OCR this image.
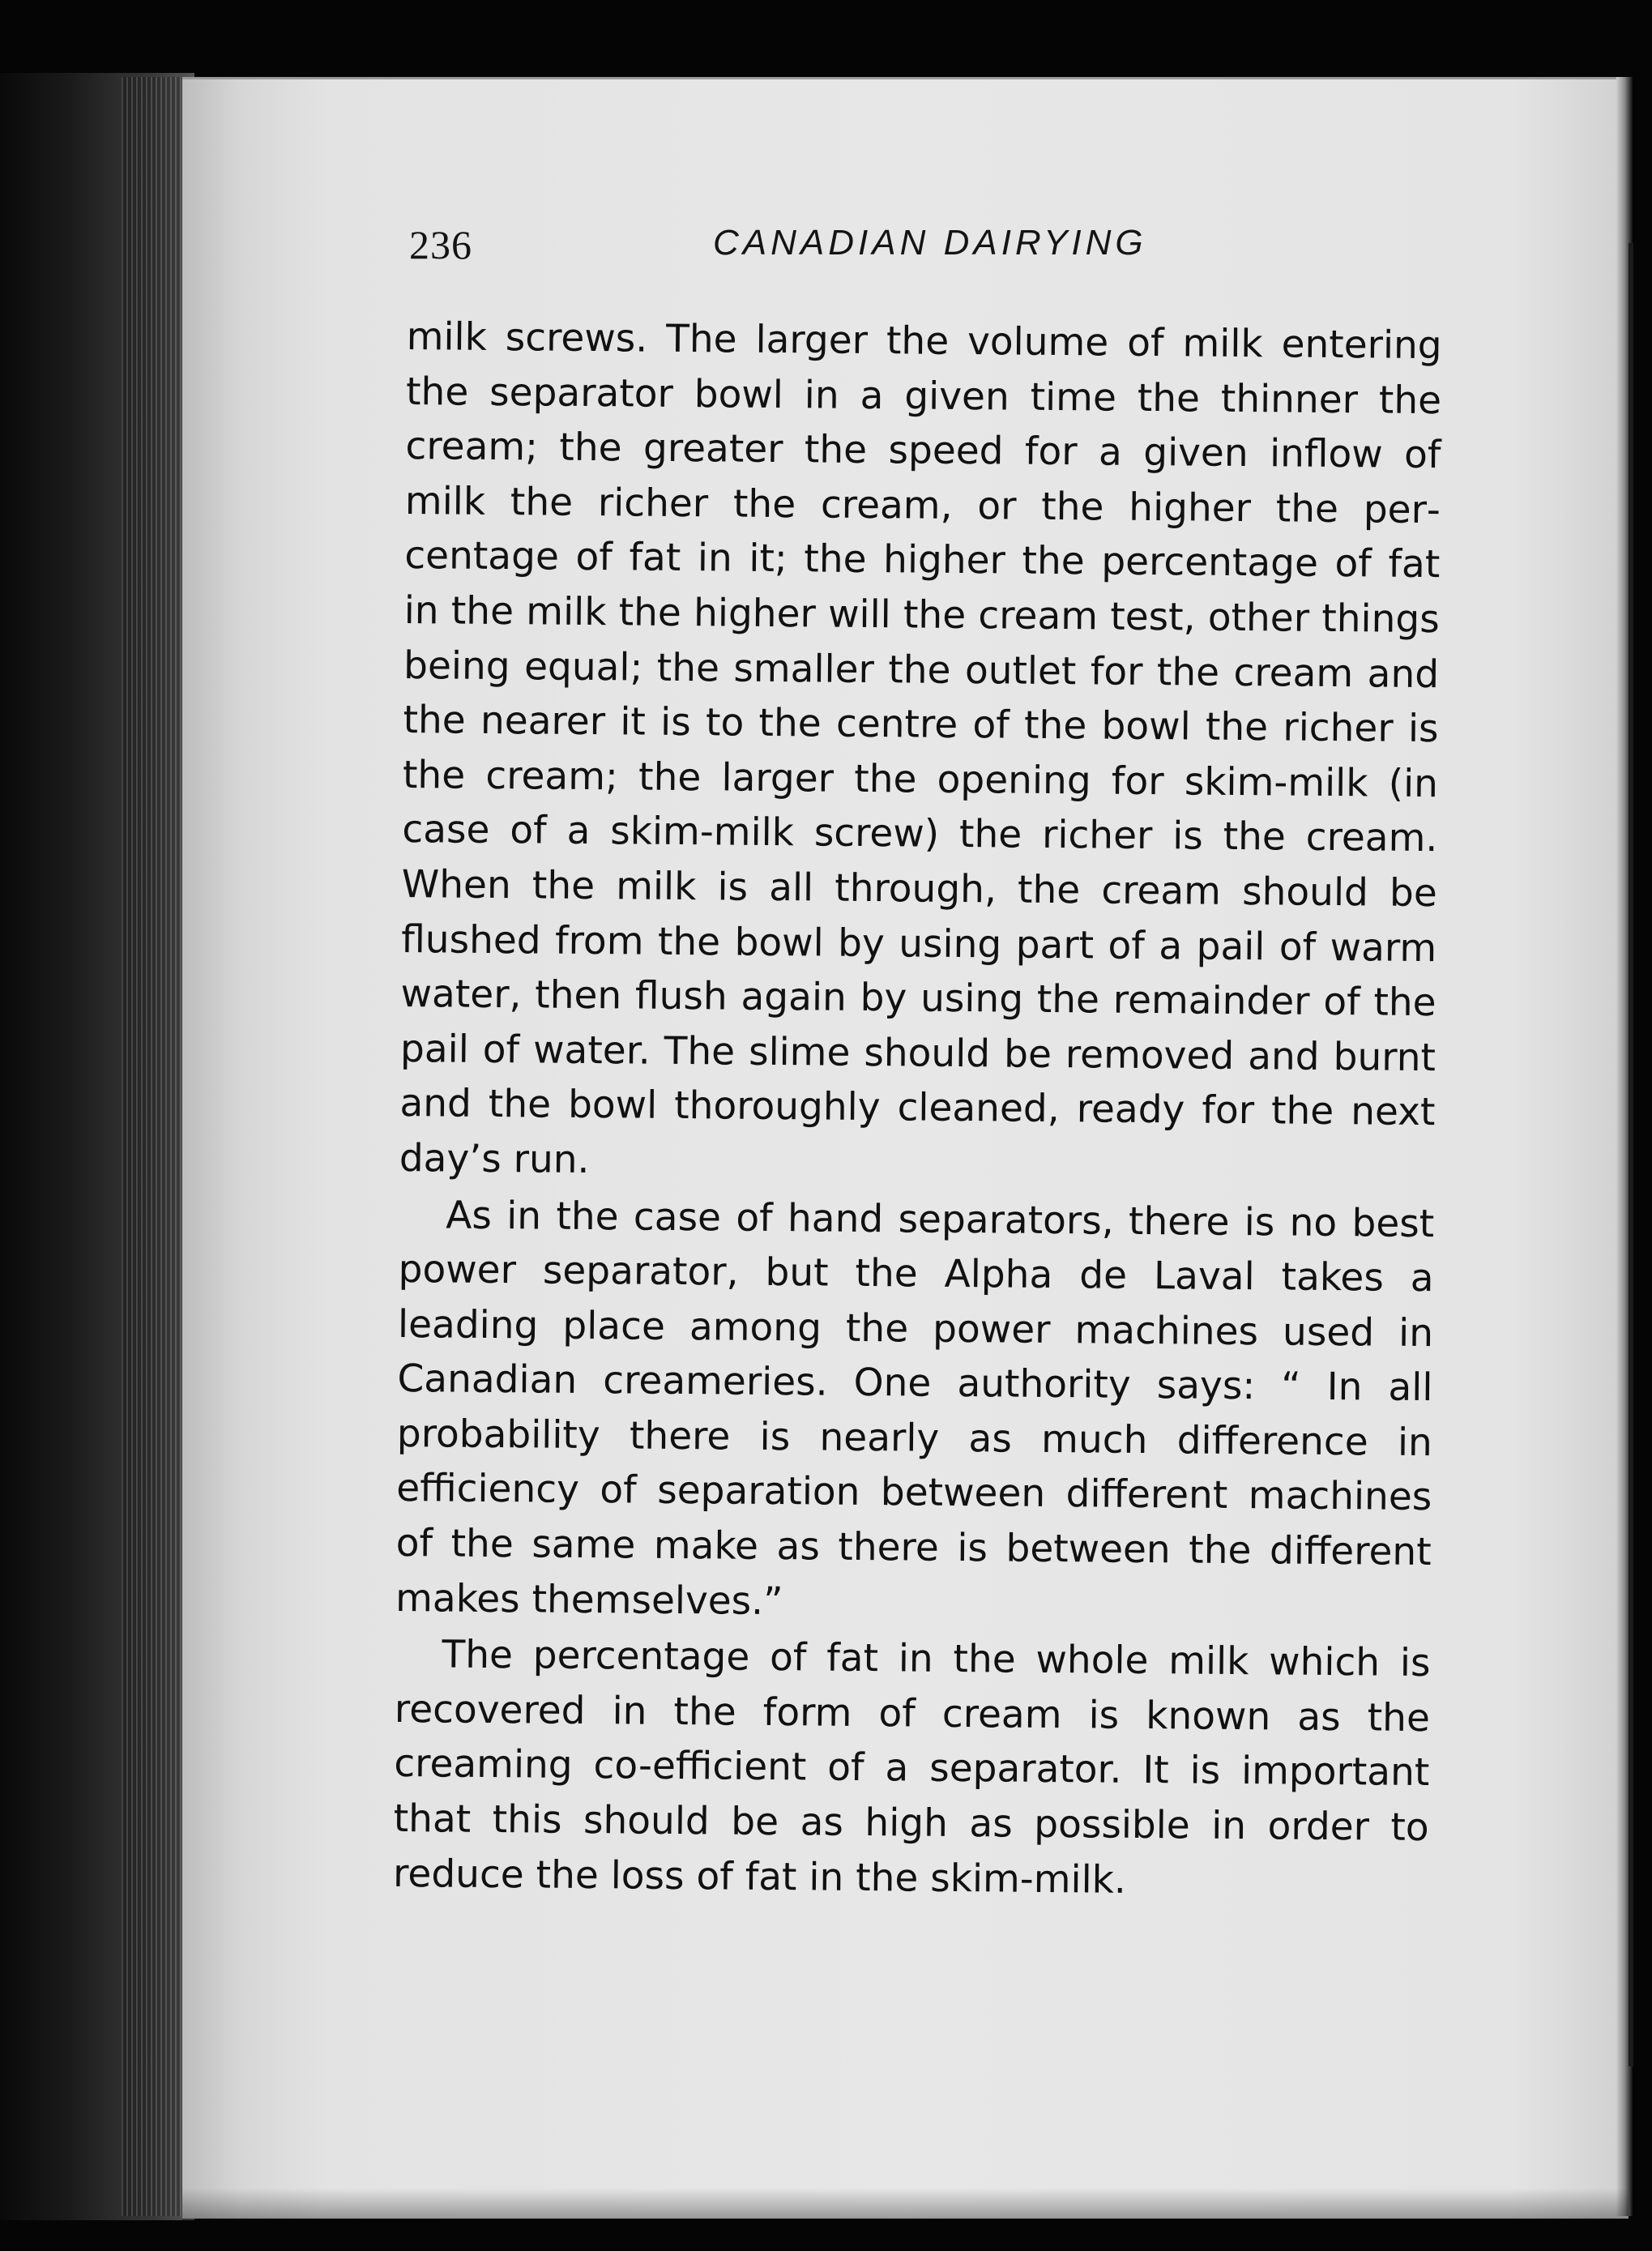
236	CANADIAN DAIRYING

milk screws. The larger the volume of milk entering the separator bowl in a given time the thinner the cream; the greater the speed for a given inflow of milk the richer the cream, or the higher the percentage of fat in it; the higher the percentage of fat in the milk the higher will the cream test, other things being equal; the smaller the outlet for the cream and the nearer it is to the centre of the bowl the richer is the cream; the larger the opening for skim-milk (in case of a skim-milk screw) the richer is the cream. When the milk is all through, the cream should be flushed from the bowl by using part of a pail of warm water, then flush again by using the remainder of the pail of water. The slime should be removed and burnt and the bowl thoroughly cleaned, ready for the next day’s run.

As in the case of hand separators, there is no best power separator, but the Alpha de Laval takes a leading place among the power machines used in Canadian creameries. One authority says: “ In all probability there is nearly as much difference in efficiency of separation between different machines of the same make as there is between the different makes themselves.”

The percentage of fat in the whole milk which is recovered in the form of cream is known as the creaming co-efficient of a separator. It is important that this should be as high as possible in order to reduce the loss of fat in the skim-milk.
